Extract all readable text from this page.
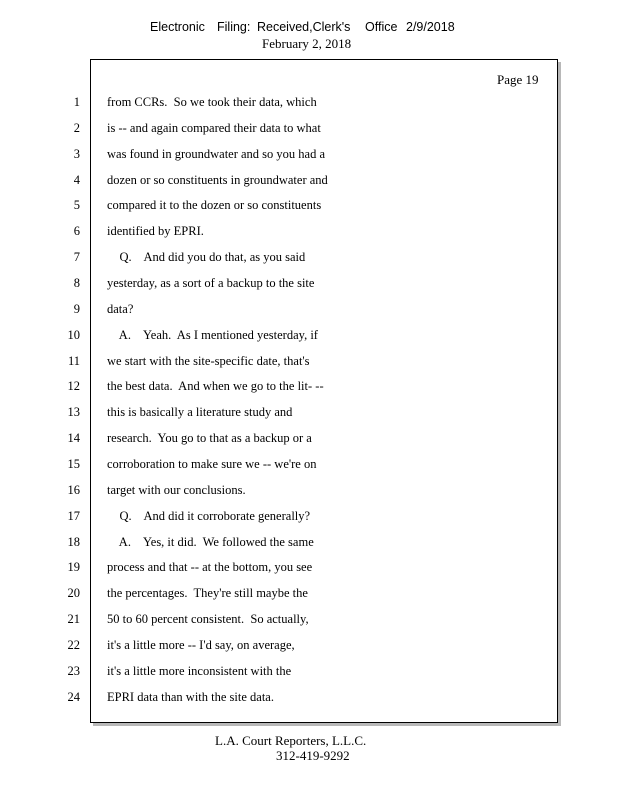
Electronic Filing: Received,Clerk's Office 2/9/2018
February 2, 2018
Page 19
1 from CCRs.  So we took their data, which
2 is -- and again compared their data to what
3 was found in groundwater and so you had a
4 dozen or so constituents in groundwater and
5 compared it to the dozen or so constituents
6 identified by EPRI.
7 Q.    And did you do that, as you said
8 yesterday, as a sort of a backup to the site
9 data?
10 A.    Yeah.  As I mentioned yesterday, if
11 we start with the site-specific date, that's
12 the best data.  And when we go to the lit- --
13 this is basically a literature study and
14 research.  You go to that as a backup or a
15 corroboration to make sure we -- we're on
16 target with our conclusions.
17 Q.    And did it corroborate generally?
18 A.    Yes, it did.  We followed the same
19 process and that -- at the bottom, you see
20 the percentages.  They're still maybe the
21 50 to 60 percent consistent.  So actually,
22 it's a little more -- I'd say, on average,
23 it's a little more inconsistent with the
24 EPRI data than with the site data.
L.A. Court Reporters, L.L.C.
312-419-9292
